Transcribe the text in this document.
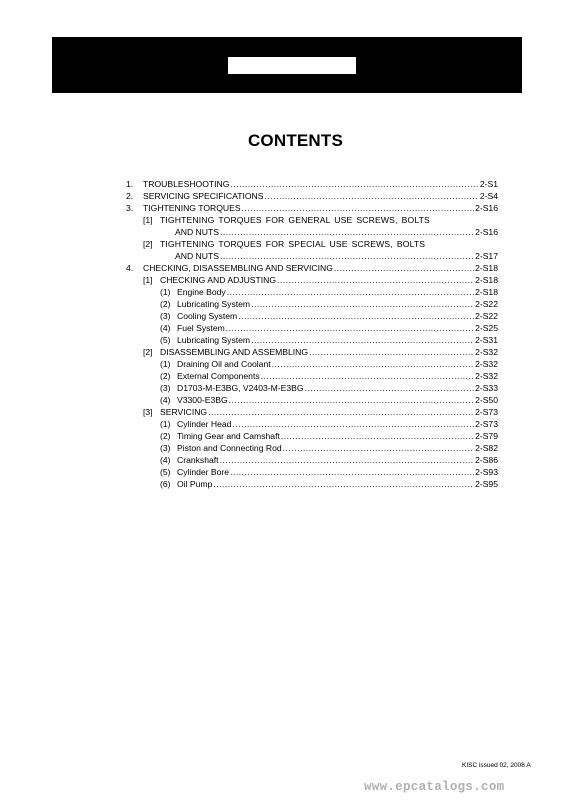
CONTENTS
1. TROUBLESHOOTING .....	2-S1
2. SERVICING SPECIFICATIONS .....	2-S4
3. TIGHTENING TORQUES .....	2-S16
[1] TIGHTENING TORQUES FOR GENERAL USE SCREWS, BOLTS
AND NUTS .....	2-S16
[2] TIGHTENING TORQUES FOR SPECIAL USE SCREWS, BOLTS
AND NUTS .....	2-S17
4. CHECKING, DISASSEMBLING AND SERVICING .....	2-S18
[1] CHECKING AND ADJUSTING .....	2-S18
(1) Engine Body .....	2-S18
(2) Lubricating System .....	2-S22
(3) Cooling System .....	2-S22
(4) Fuel System .....	2-S25
(5) Lubricating System .....	2-S31
[2] DISASSEMBLING AND ASSEMBLING .....	2-S32
(1) Draining Oil and Coolant .....	2-S32
(2) External Components .....	2-S32
(3) D1703-M-E3BG, V2403-M-E3BG .....	2-S33
(4) V3300-E3BG .....	2-S50
[3] SERVICING .....	2-S73
(1) Cylinder Head .....	2-S73
(2) Timing Gear and Camshaft .....	2-S79
(3) Piston and Connecting Rod .....	2-S82
(4) Crankshaft .....	2-S86
(5) Cylinder Bore .....	2-S93
(6) Oil Pump .....	2-S95
KISC issued 02, 2008 A
www.epcatalogs.com
